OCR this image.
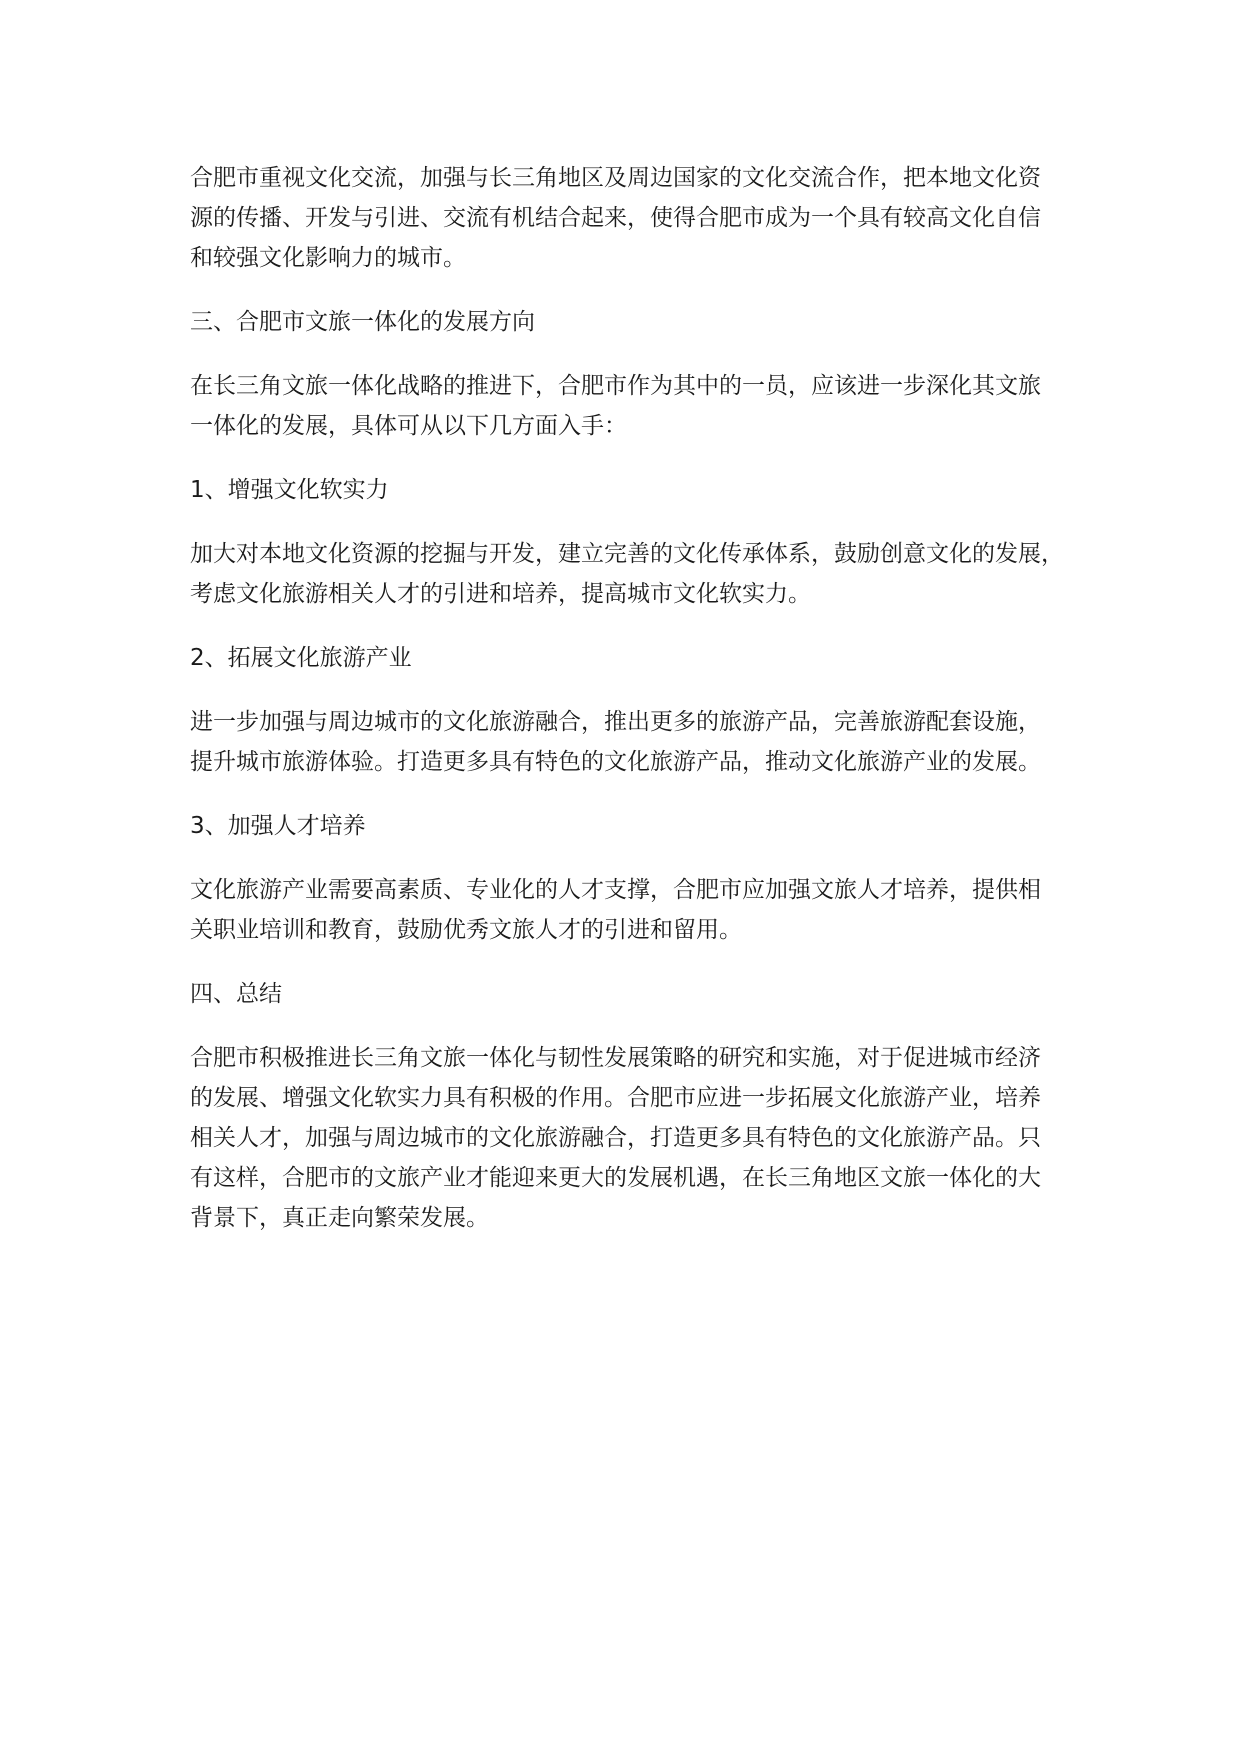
合肥市重视文化交流，加强与长三角地区及周边国家的文化交流合作，把本地文化资
源的传播、开发与引进、交流有机结合起来，使得合肥市成为一个具有较高文化自信
和较强文化影响力的城市。

三、合肥市文旅一体化的发展方向

在长三角文旅一体化战略的推进下，合肥市作为其中的一员，应该进一步深化其文旅
一体化的发展，具体可从以下几方面入手：

1、增强文化软实力

加大对本地文化资源的挖掘与开发，建立完善的文化传承体系，鼓励创意文化的发展，
考虑文化旅游相关人才的引进和培养，提高城市文化软实力。

2、拓展文化旅游产业

进一步加强与周边城市的文化旅游融合，推出更多的旅游产品，完善旅游配套设施，
提升城市旅游体验。打造更多具有特色的文化旅游产品，推动文化旅游产业的发展。

3、加强人才培养

文化旅游产业需要高素质、专业化的人才支撑，合肥市应加强文旅人才培养，提供相
关职业培训和教育，鼓励优秀文旅人才的引进和留用。

四、总结

合肥市积极推进长三角文旅一体化与韧性发展策略的研究和实施，对于促进城市经济
的发展、增强文化软实力具有积极的作用。合肥市应进一步拓展文化旅游产业，培养
相关人才，加强与周边城市的文化旅游融合，打造更多具有特色的文化旅游产品。只
有这样，合肥市的文旅产业才能迎来更大的发展机遇，在长三角地区文旅一体化的大
背景下，真正走向繁荣发展。
